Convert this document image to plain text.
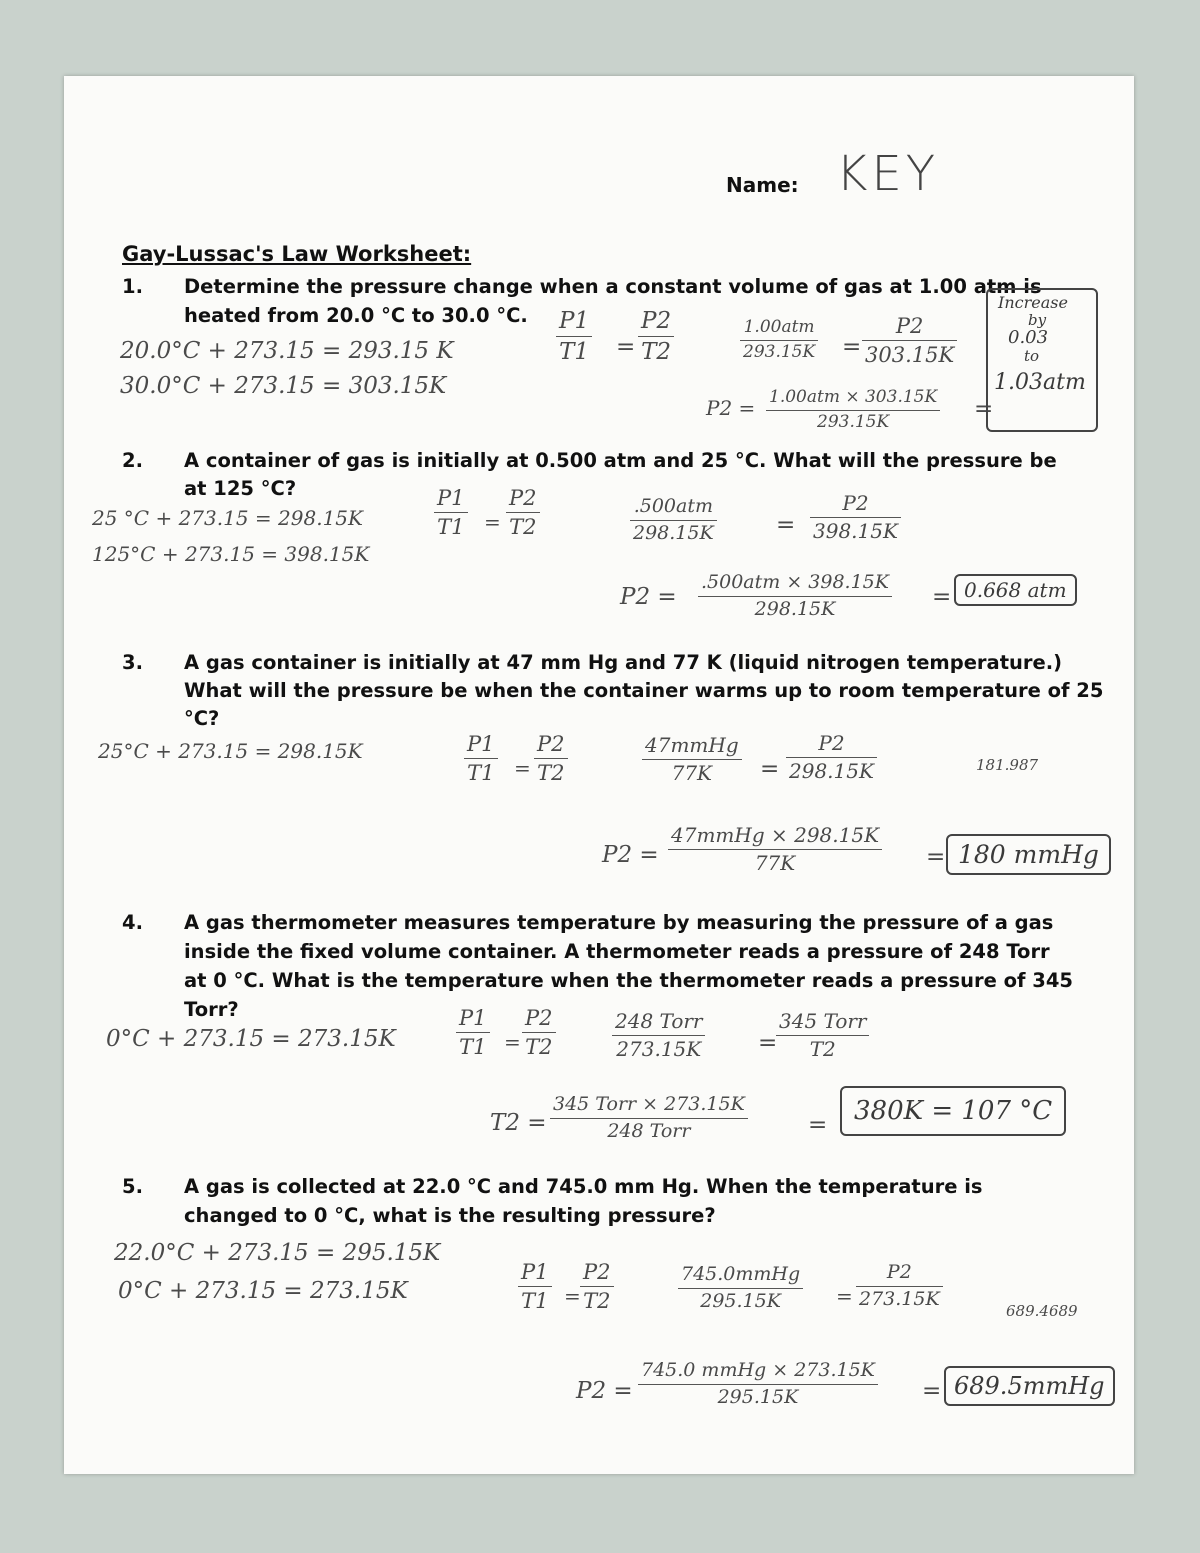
Name: KEY
Gay-Lussac's Law Worksheet:
1. Determine the pressure change when a constant volume of gas at 1.00 atm is
heated from 20.0 °C to 30.0 °C.
20.0°C + 273.15 = 293.15 K
30.0°C + 273.15 = 303.15K
P1
T1 =
P2
T2
1.00atm
293.15K =
P2
303.15K
P2 = 1.00atm × 303.15K
293.15K	=
Increase
by
0.03
to
1.03atm
2. A container of gas is initially at 0.500 atm and 25 °C. What will the pressure be
at 125 °C?
25 °C + 273.15 = 298.15K
125°C + 273.15 = 398.15K
P1
T1 =
P2
T2
.500atm
298.15K	=
P2
398.15K
P2 =
.500atm × 398.15K
298.15K	= 0.668 atm
3. A gas container is initially at 47 mm Hg and 77 K (liquid nitrogen temperature.)
What will the pressure be when the container warms up to room temperature of 25
°C?
25°C + 273.15 = 298.15K	P1
T1 =
P2
T2
47mmHg
77K =
P2
298.15K	181.987
P2 =
47mmHg × 298.15K
77K	= 180 mmHg
4. A gas thermometer measures temperature by measuring the pressure of a gas
inside the fixed volume container. A thermometer reads a pressure of 248 Torr
at 0 °C. What is the temperature when the thermometer reads a pressure of 345
Torr?
0°C + 273.15 = 273.15K
P1
T1 =
P2
T2
248 Torr
273.15K =
345 Torr
T2
T2 =
345 Torr × 273.15K
248 Torr	=	380K = 107 °C
5. A gas is collected at 22.0 °C and 745.0 mm Hg. When the temperature is
changed to 0 °C, what is the resulting pressure?
22.0°C + 273.15 = 295.15K
0°C + 273.15 = 273.15K
P1
T1 =
P2
T2
745.0mmHg
295.15K	=
P2
273.15K
689.4689
P2 =
745.0 mmHg × 273.15K
295.15K	= 689.5mmHg
